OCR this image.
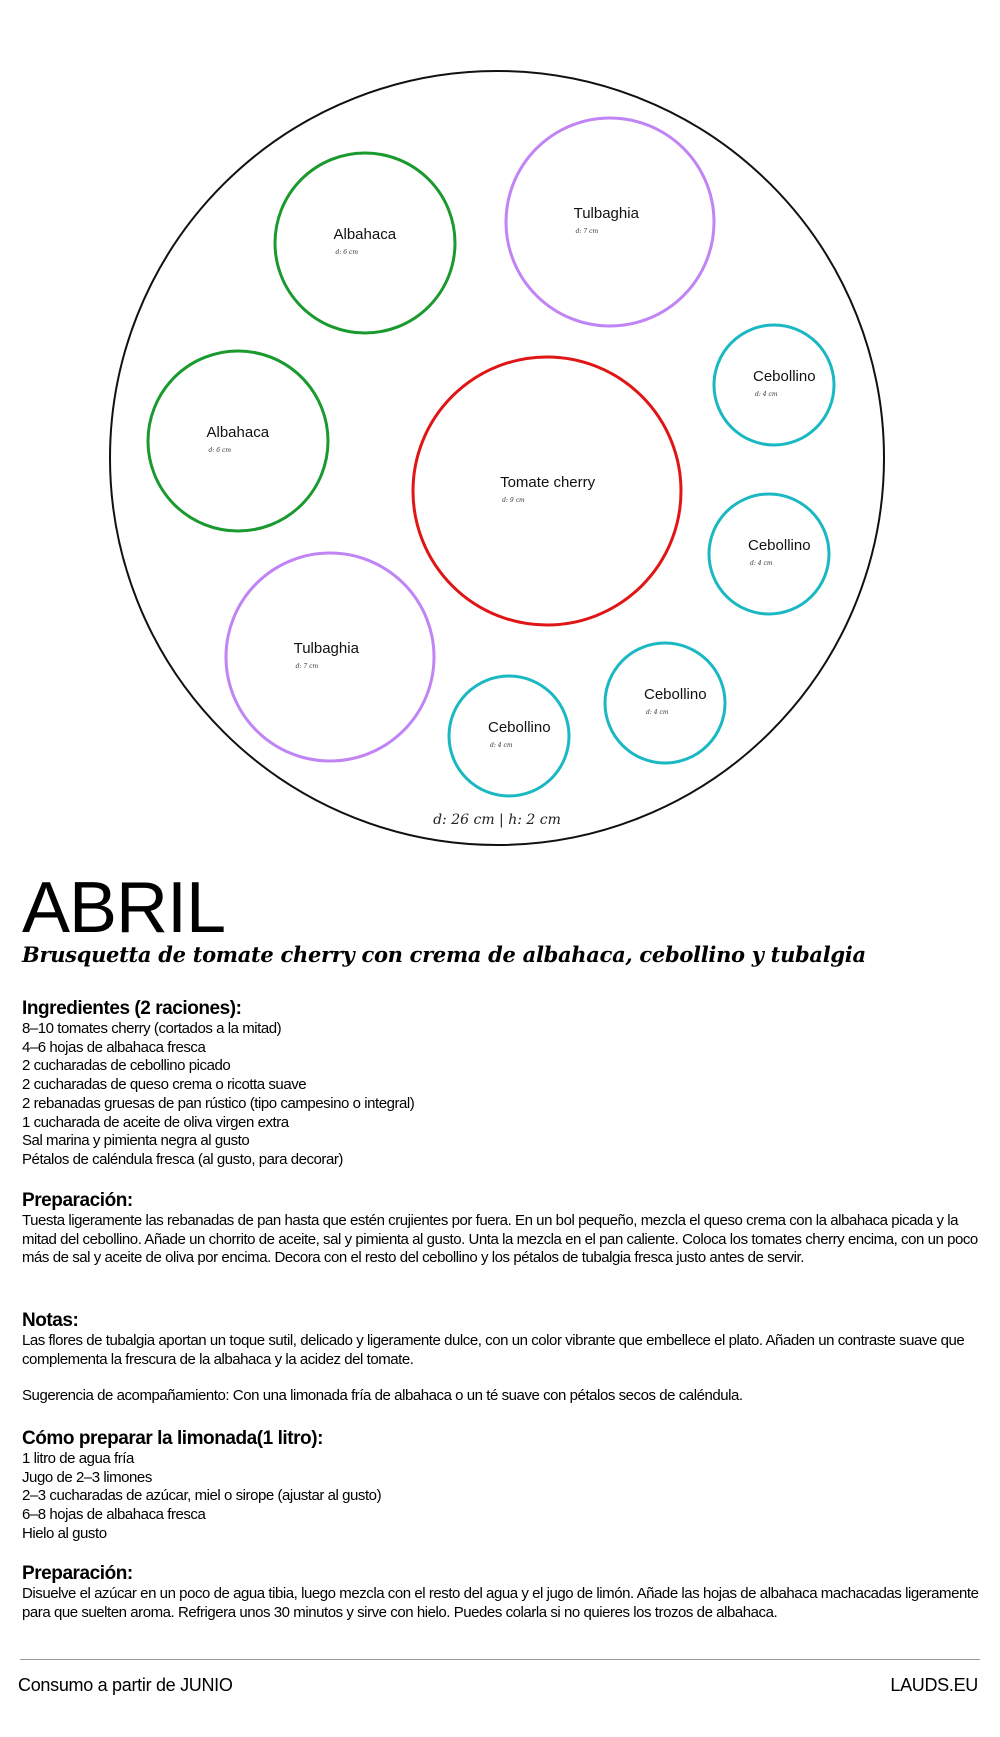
Albahaca
d: 6 cm
Tulbaghia
d: 7 cm
Cebollino
d: 4 cm
Albahaca
d: 6 cm
Tomate cherry
d: 9 cm
Cebollino
d: 4 cm
Tulbaghia
d: 7 cm
Cebollino
d: 4 cm
Cebollino
d: 4 cm
d: 26 cm | h: 2 cm
ABRIL
Brusquetta de tomate cherry con crema de albahaca, cebollino y tubalgia
Ingredientes (2 raciones):
8–10 tomates cherry (cortados a la mitad)
4–6 hojas de albahaca fresca
2 cucharadas de cebollino picado
2 cucharadas de queso crema o ricotta suave
2 rebanadas gruesas de pan rústico (tipo campesino o integral)
1 cucharada de aceite de oliva virgen extra
Sal marina y pimienta negra al gusto
Pétalos de caléndula fresca (al gusto, para decorar)
Preparación:
Tuesta ligeramente las rebanadas de pan hasta que estén crujientes por fuera. En un bol pequeño, mezcla el queso crema con la albahaca picada y la mitad del cebollino. Añade un chorrito de aceite, sal y pimienta al gusto. Unta la mezcla en el pan caliente. Coloca los tomates cherry encima, con un poco más de sal y aceite de oliva por encima. Decora con el resto del cebollino y los pétalos de tubalgia fresca justo antes de servir.
Notas:
Las flores de tubalgia aportan un toque sutil, delicado y ligeramente dulce, con un color vibrante que embellece el plato. Añaden un contraste suave que complementa la frescura de la albahaca y la acidez del tomate.
Sugerencia de acompañamiento: Con una limonada fría de albahaca o un té suave con pétalos secos de caléndula.
Cómo preparar la limonada(1 litro):
1 litro de agua fría
Jugo de 2–3 limones
2–3 cucharadas de azúcar, miel o sirope (ajustar al gusto)
6–8 hojas de albahaca fresca
Hielo al gusto
Preparación:
Disuelve el azúcar en un poco de agua tibia, luego mezcla con el resto del agua y el jugo de limón. Añade las hojas de albahaca machacadas ligeramente para que suelten aroma. Refrigera unos 30 minutos y sirve con hielo. Puedes colarla si no quieres los trozos de albahaca.
Consumo a partir de JUNIO	LAUDS.EU
